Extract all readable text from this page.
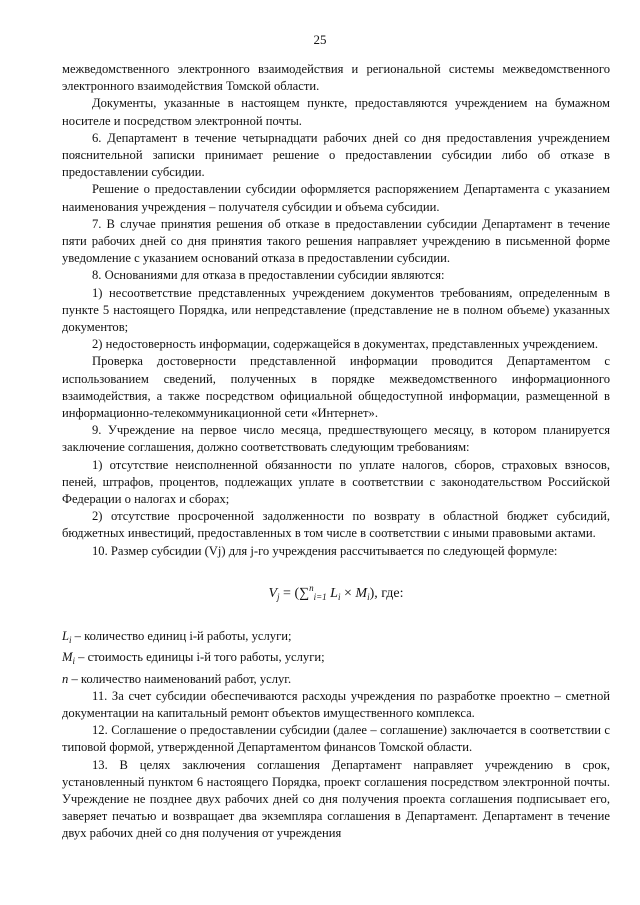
25

межведомственного электронного взаимодействия и региональной системы межведомственного электронного взаимодействия Томской области.

Документы, указанные в настоящем пункте, предоставляются учреждением на бумажном носителе и посредством электронной почты.

6. Департамент в течение четырнадцати рабочих дней со дня предоставления учреждением пояснительной записки принимает решение о предоставлении субсидии либо об отказе в предоставлении субсидии.

Решение о предоставлении субсидии оформляется распоряжением Департамента с указанием наименования учреждения – получателя субсидии и объема субсидии.

7. В случае принятия решения об отказе в предоставлении субсидии Департамент в течение пяти рабочих дней со дня принятия такого решения направляет учреждению в письменной форме уведомление с указанием оснований отказа в предоставлении субсидии.

8. Основаниями для отказа в предоставлении субсидии являются:

1) несоответствие представленных учреждением документов требованиям, определенным в пункте 5 настоящего Порядка, или непредставление (представление не в полном объеме) указанных документов;

2) недостоверность информации, содержащейся в документах, представленных учреждением.

Проверка достоверности представленной информации проводится Департаментом с использованием сведений, полученных в порядке межведомственного информационного взаимодействия, а также посредством официальной общедоступной информации, размещенной в информационно-телекоммуникационной сети «Интернет».

9. Учреждение на первое число месяца, предшествующего месяцу, в котором планируется заключение соглашения, должно соответствовать следующим требованиям:

1) отсутствие неисполненной обязанности по уплате налогов, сборов, страховых взносов, пеней, штрафов, процентов, подлежащих уплате в соответствии с законодательством Российской Федерации о налогах и сборах;

2) отсутствие просроченной задолженности по возврату в областной бюджет субсидий, бюджетных инвестиций, предоставленных в том числе в соответствии с иными правовыми актами.

10. Размер субсидии (Vj) для j-го учреждения рассчитывается по следующей формуле:

$V_j = (\sum^n_{i=1}$ $L_i \times M_i$), где:

$L_i$ – количество единиц i-й работы, услуги;

$M_i$ – стоимость единицы i-й того работы, услуги;

n – количество наименований работ, услуг.

11. За счет субсидии обеспечиваются расходы учреждения по разработке проектно – сметной документации на капитальный ремонт объектов имущественного комплекса.

12. Соглашение о предоставлении субсидии (далее – соглашение) заключается в соответствии с типовой формой, утвержденной Департаментом финансов Томской области.

13. В целях заключения соглашения Департамент направляет учреждению в срок, установленный пунктом 6 настоящего Порядка, проект соглашения посредством электронной почты. Учреждение не позднее двух рабочих дней со дня получения проекта соглашения подписывает его, заверяет печатью и возвращает два экземпляра соглашения в Департамент. Департамент в течение двух рабочих дней со дня получения от учреждения
